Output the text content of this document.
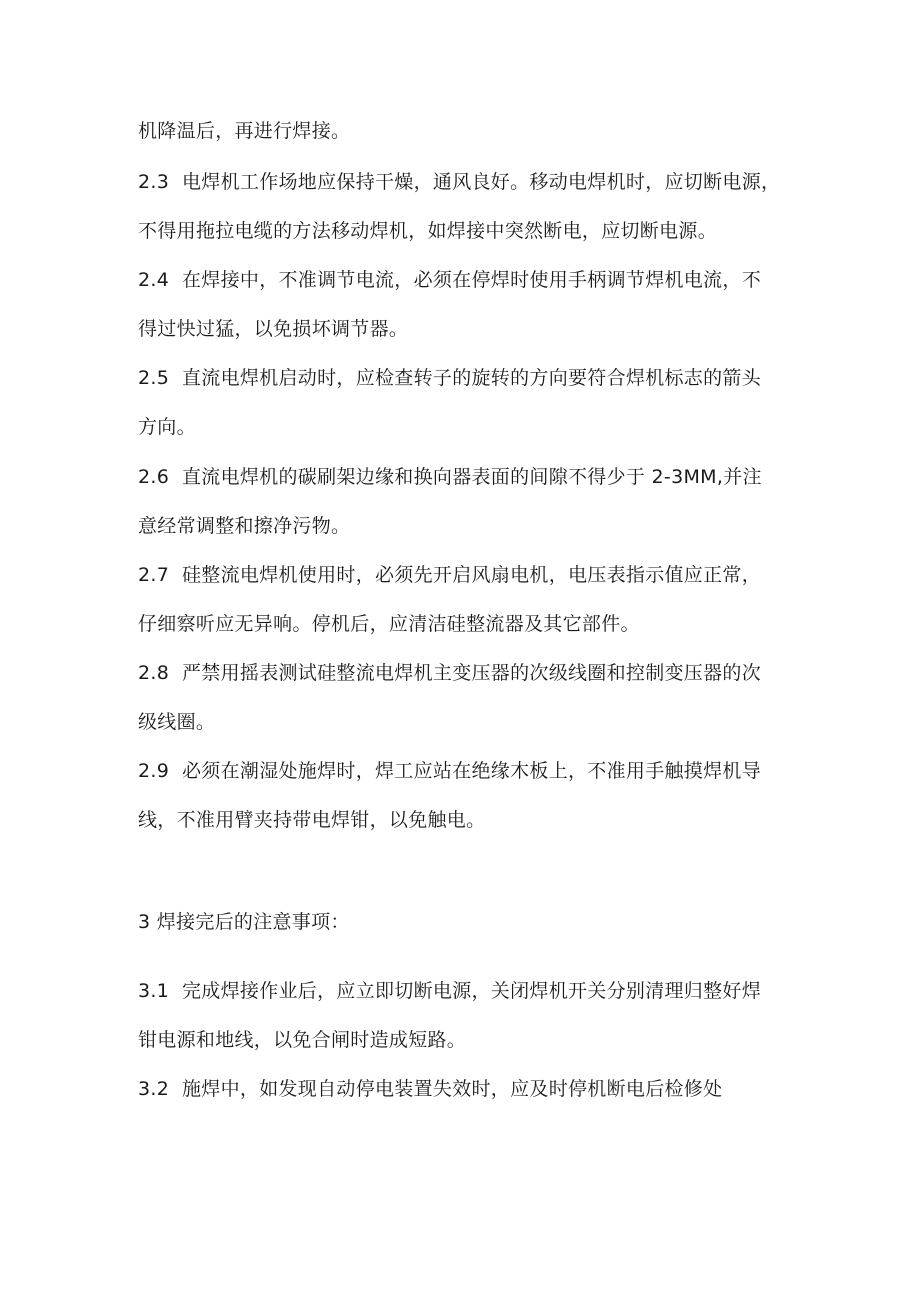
机降温后，再进行焊接。
2.3 电焊机工作场地应保持干燥，通风良好。移动电焊机时，应切断电源，
不得用拖拉电缆的方法移动焊机，如焊接中突然断电，应切断电源。
2.4 在焊接中，不准调节电流，必须在停焊时使用手柄调节焊机电流，不
得过快过猛，以免损坏调节器。
2.5 直流电焊机启动时，应检查转子的旋转的方向要符合焊机标志的箭头
方向。
2.6 直流电焊机的碳刷架边缘和换向器表面的间隙不得少于 2-3MM,并注
意经常调整和擦净污物。
2.7 硅整流电焊机使用时，必须先开启风扇电机，电压表指示值应正常，
仔细察听应无异响。停机后，应清洁硅整流器及其它部件。
2.8 严禁用摇表测试硅整流电焊机主变压器的次级线圈和控制变压器的次
级线圈。
2.9 必须在潮湿处施焊时，焊工应站在绝缘木板上，不准用手触摸焊机导
线，不准用臂夹持带电焊钳，以免触电。
3 焊接完后的注意事项：
3.1 完成焊接作业后，应立即切断电源，关闭焊机开关分别清理归整好焊
钳电源和地线，以免合闸时造成短路。
3.2 施焊中，如发现自动停电装置失效时，应及时停机断电后检修处
